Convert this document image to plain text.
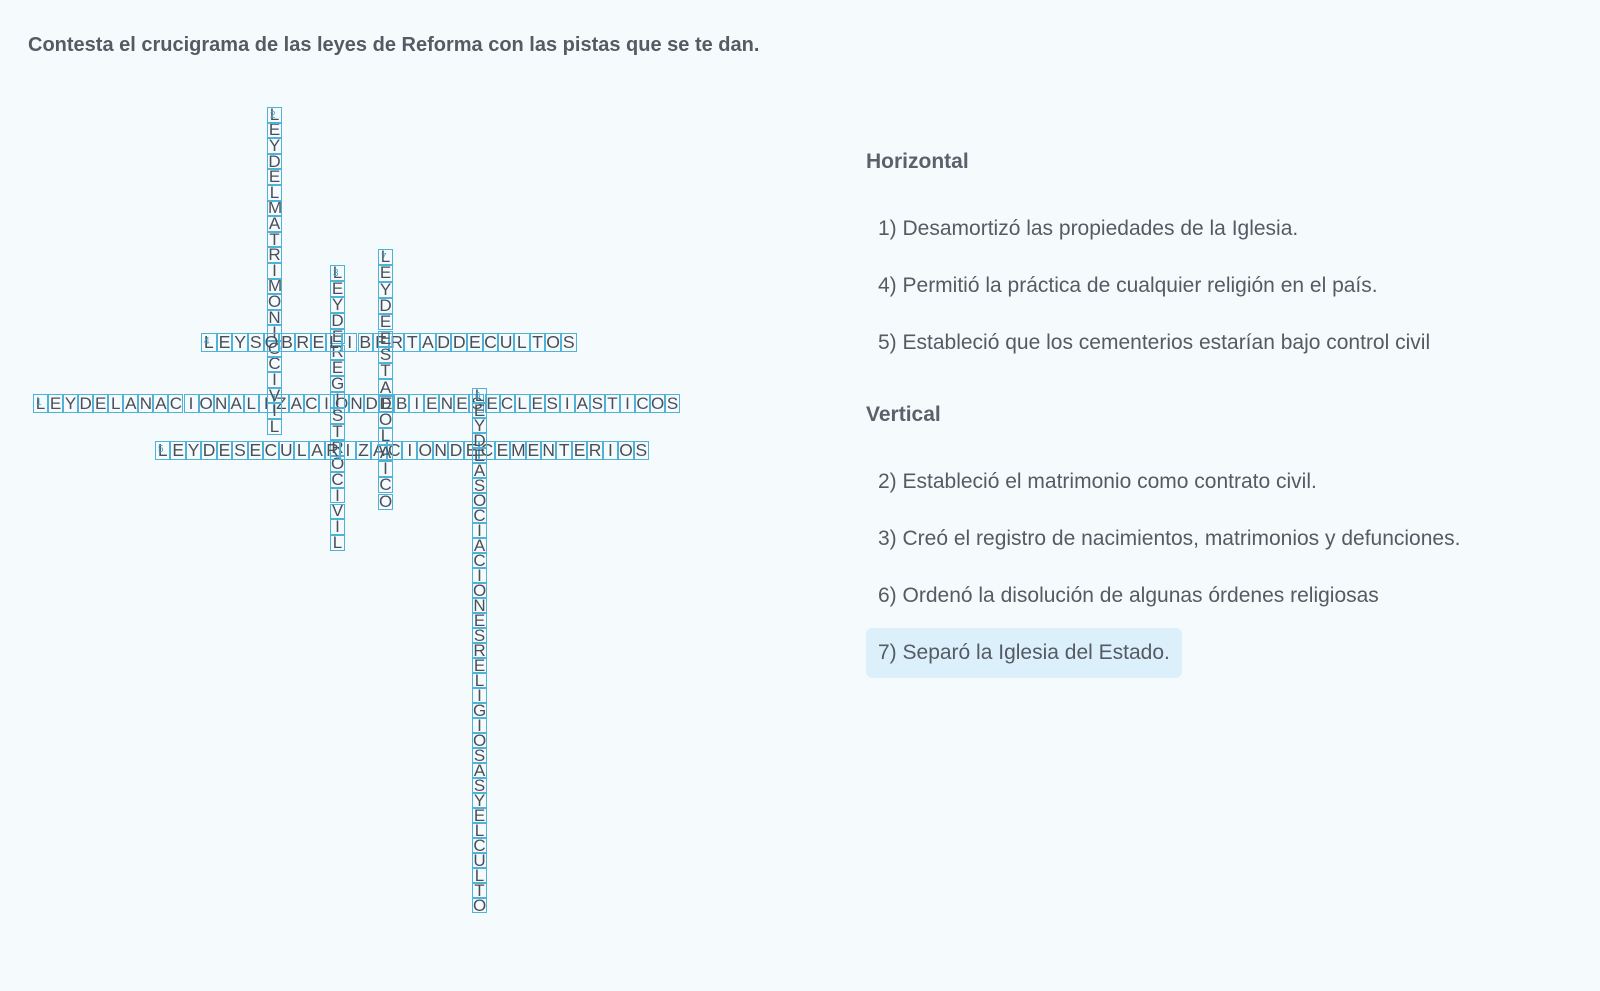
Contesta el crucigrama de las leyes de Reforma con las pistas que se te dan.
L
1
E
Y
D
E
L
A
N
A
C
I
O
N
A
L
I
Z
A
C
I
O
N
D
E
B
I
E
N
E
S
E
C
L
E
S
I
A
S
T
I
C
O
S
L
2
E
Y
D
E
L
M
A
T
R
I
M
O
N
I
O
C
I
V
I
L
L
3
E
Y
D
E
R
E
G
I
S
T
R
O
C
I
V
I
L
L
4
E
Y
S
O
B
R
E
L
I
B
E
R
T
A
D
D
E
C
U
L
T
O
S
L
5
E
Y
D
E
S
E
C
U
L
A
R
I
Z
A
C
I
O
N
D
E
C
E
M
E
N
T
E
R
I
O
S
L
6
E
Y
D
E
A
S
O
C
I
A
C
I
O
N
E
S
R
E
L
I
G
I
O
S
A
S
Y
E
L
C
U
L
T
O
L
7
E
Y
D
E
E
S
T
A
D
O
L
A
I
C
O
Horizontal
1) Desamortizó las propiedades de la Iglesia.
4) Permitió la práctica de cualquier religión en el país.
5) Estableció que los cementerios estarían bajo control civil
Vertical
2) Estableció el matrimonio como contrato civil.
3) Creó el registro de nacimientos, matrimonios y defunciones.
6) Ordenó la disolución de algunas órdenes religiosas
7) Separó la Iglesia del Estado.
